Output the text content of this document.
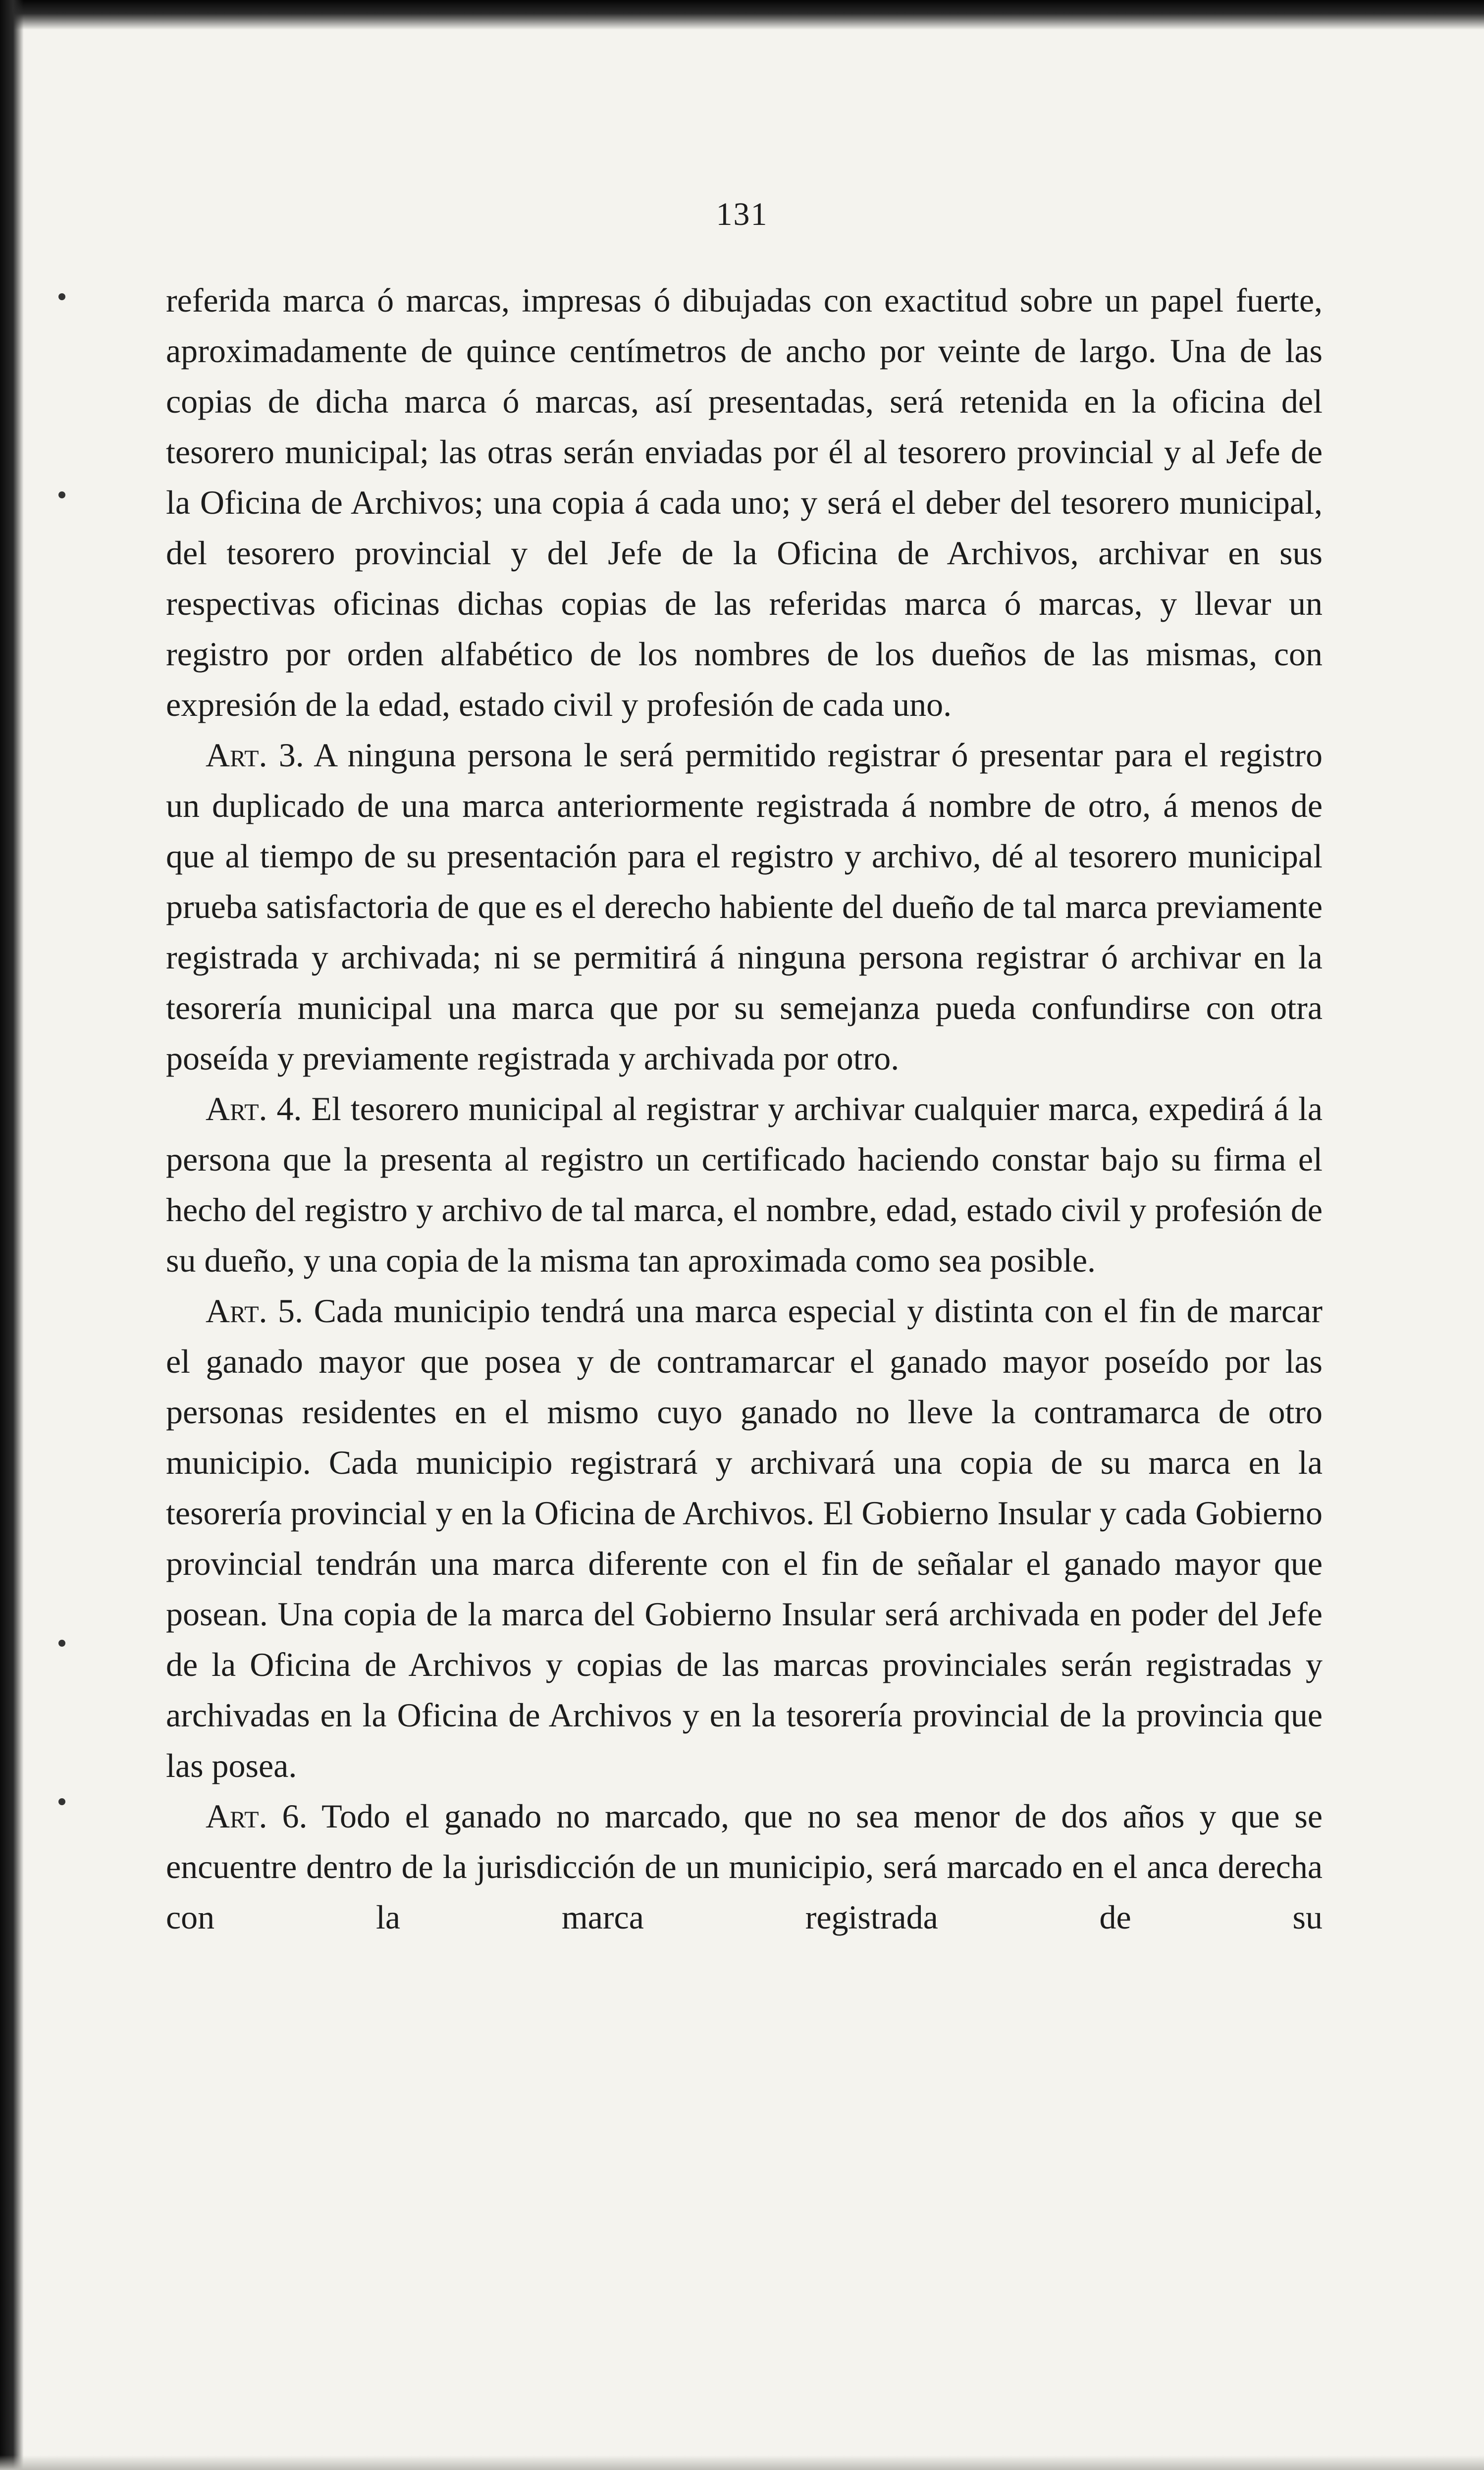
131

referida marca ó marcas, impresas ó dibujadas con exactitud sobre un papel fuerte, aproximadamente de quince centímetros de ancho por veinte de largo. Una de las copias de dicha marca ó marcas, así presentadas, será retenida en la oficina del tesorero municipal; las otras serán enviadas por él al tesorero provincial y al Jefe de la Oficina de Archivos; una copia á cada uno; y será el deber del tesorero municipal, del tesorero provincial y del Jefe de la Oficina de Archivos, archivar en sus respectivas oficinas dichas copias de las referidas marca ó marcas, y llevar un registro por orden alfabético de los nombres de los dueños de las mismas, con expresión de la edad, estado civil y profesión de cada uno.

Art. 3. A ninguna persona le será permitido registrar ó presentar para el registro un duplicado de una marca anteriormente registrada á nombre de otro, á menos de que al tiempo de su presentación para el registro y archivo, dé al tesorero municipal prueba satisfactoria de que es el derecho habiente del dueño de tal marca previamente registrada y archivada; ni se permitirá á ninguna persona registrar ó archivar en la tesorería municipal una marca que por su semejanza pueda confundirse con otra poseída y previamente registrada y archivada por otro.

Art. 4. El tesorero municipal al registrar y archivar cualquier marca, expedirá á la persona que la presenta al registro un certificado haciendo constar bajo su firma el hecho del registro y archivo de tal marca, el nombre, edad, estado civil y profesión de su dueño, y una copia de la misma tan aproximada como sea posible.

Art. 5. Cada municipio tendrá una marca especial y distinta con el fin de marcar el ganado mayor que posea y de contramarcar el ganado mayor poseído por las personas residentes en el mismo cuyo ganado no lleve la contramarca de otro municipio. Cada municipio registrará y archivará una copia de su marca en la tesorería provincial y en la Oficina de Archivos. El Gobierno Insular y cada Gobierno provincial tendrán una marca diferente con el fin de señalar el ganado mayor que posean. Una copia de la marca del Gobierno Insular será archivada en poder del Jefe de la Oficina de Archivos y copias de las marcas provinciales serán registradas y archivadas en la Oficina de Archivos y en la tesorería provincial de la provincia que las posea.

Art. 6. Todo el ganado no marcado, que no sea menor de dos años y que se encuentre dentro de la jurisdicción de un municipio, será marcado en el anca derecha con la marca registrada de su
